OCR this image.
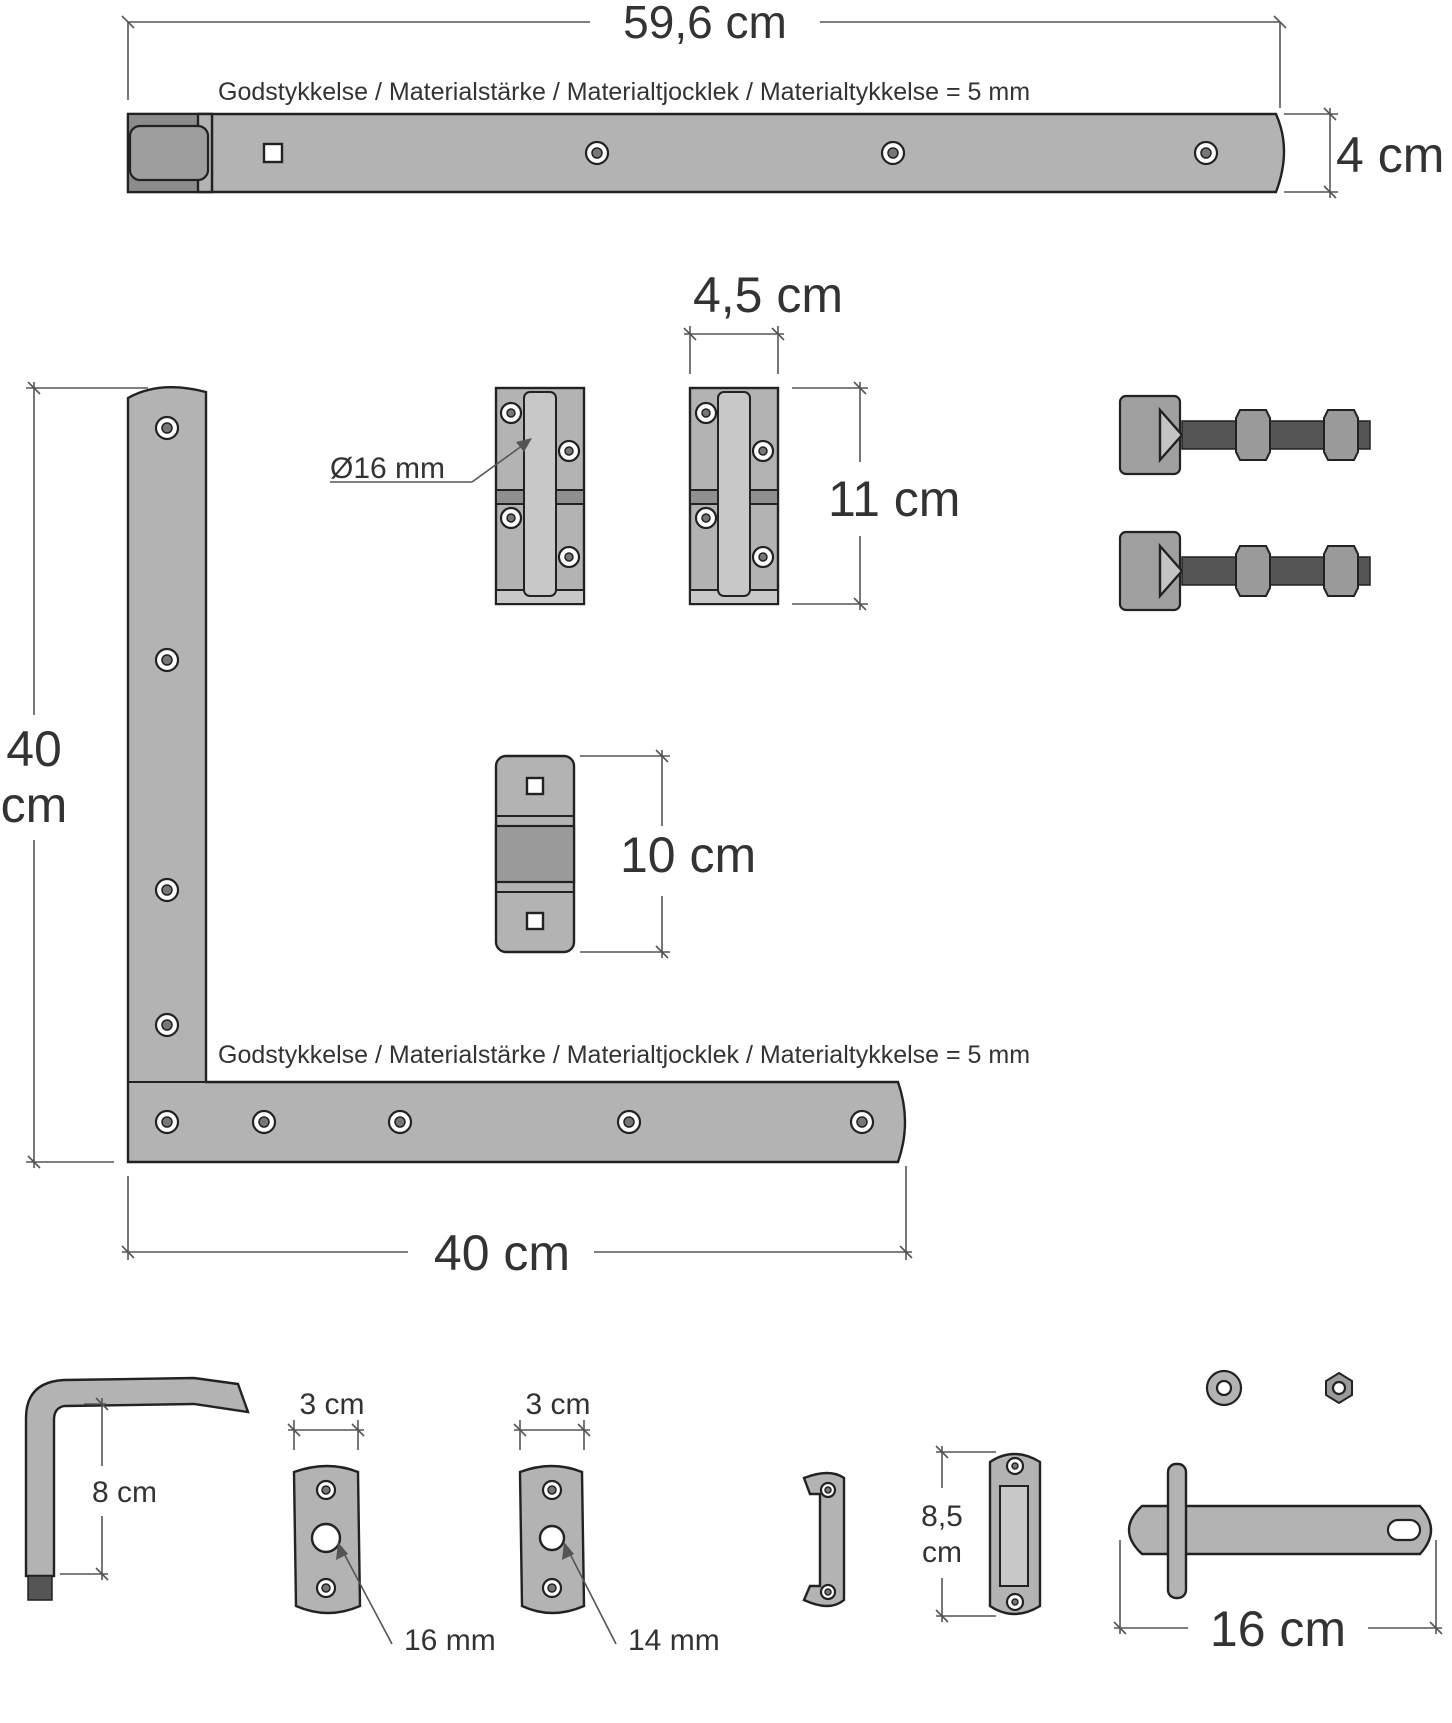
59,6 cm
Godstykkelse / Materialstärke / Materialtjocklek / Materialtykkelse = 5 mm
4 cm
40
cm
40 cm
Godstykkelse / Materialstärke / Materialtjocklek / Materialtykkelse = 5 mm
Ø16 mm
4,5 cm
11 cm
10 cm
8 cm
3 cm
16 mm
3 cm
14 mm
8,5
cm
16 cm
